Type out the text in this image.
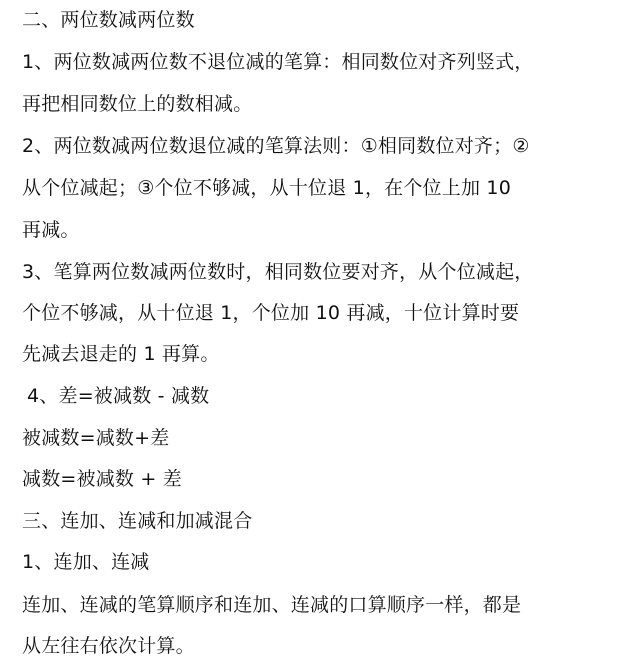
二、两位数减两位数
1、两位数减两位数不退位减的笔算：相同数位对齐列竖式，
再把相同数位上的数相减。
2、两位数减两位数退位减的笔算法则：①相同数位对齐；②
从个位减起；③个位不够减，从十位退 1，在个位上加 10
再减。
3、笔算两位数减两位数时，相同数位要对齐，从个位减起，
个位不够减，从十位退 1，个位加 10 再减，十位计算时要
先减去退走的 1 再算。
4、差=被减数 - 减数
被减数=减数+差
减数=被减数 + 差
三、连加、连减和加减混合
1、连加、连减
连加、连减的笔算顺序和连加、连减的口算顺序一样，都是
从左往右依次计算。
